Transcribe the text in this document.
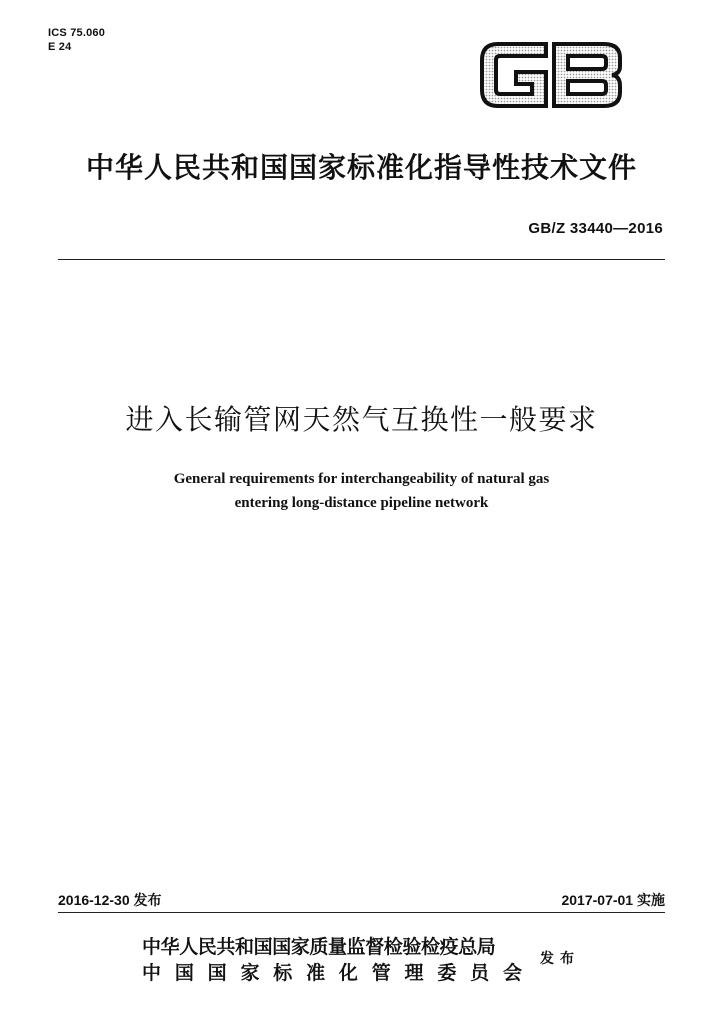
ICS 75.060
E 24
中华人民共和国国家标准化指导性技术文件
GB/Z 33440—2016
进入长输管网天然气互换性一般要求
General requirements for interchangeability of natural gas
entering long-distance pipeline network
2016-12-30 发布	2017-07-01 实施
中华人民共和国国家质量监督检验检疫总局
中 国 国 家 标 准 化 管 理 委 员 会
发布
